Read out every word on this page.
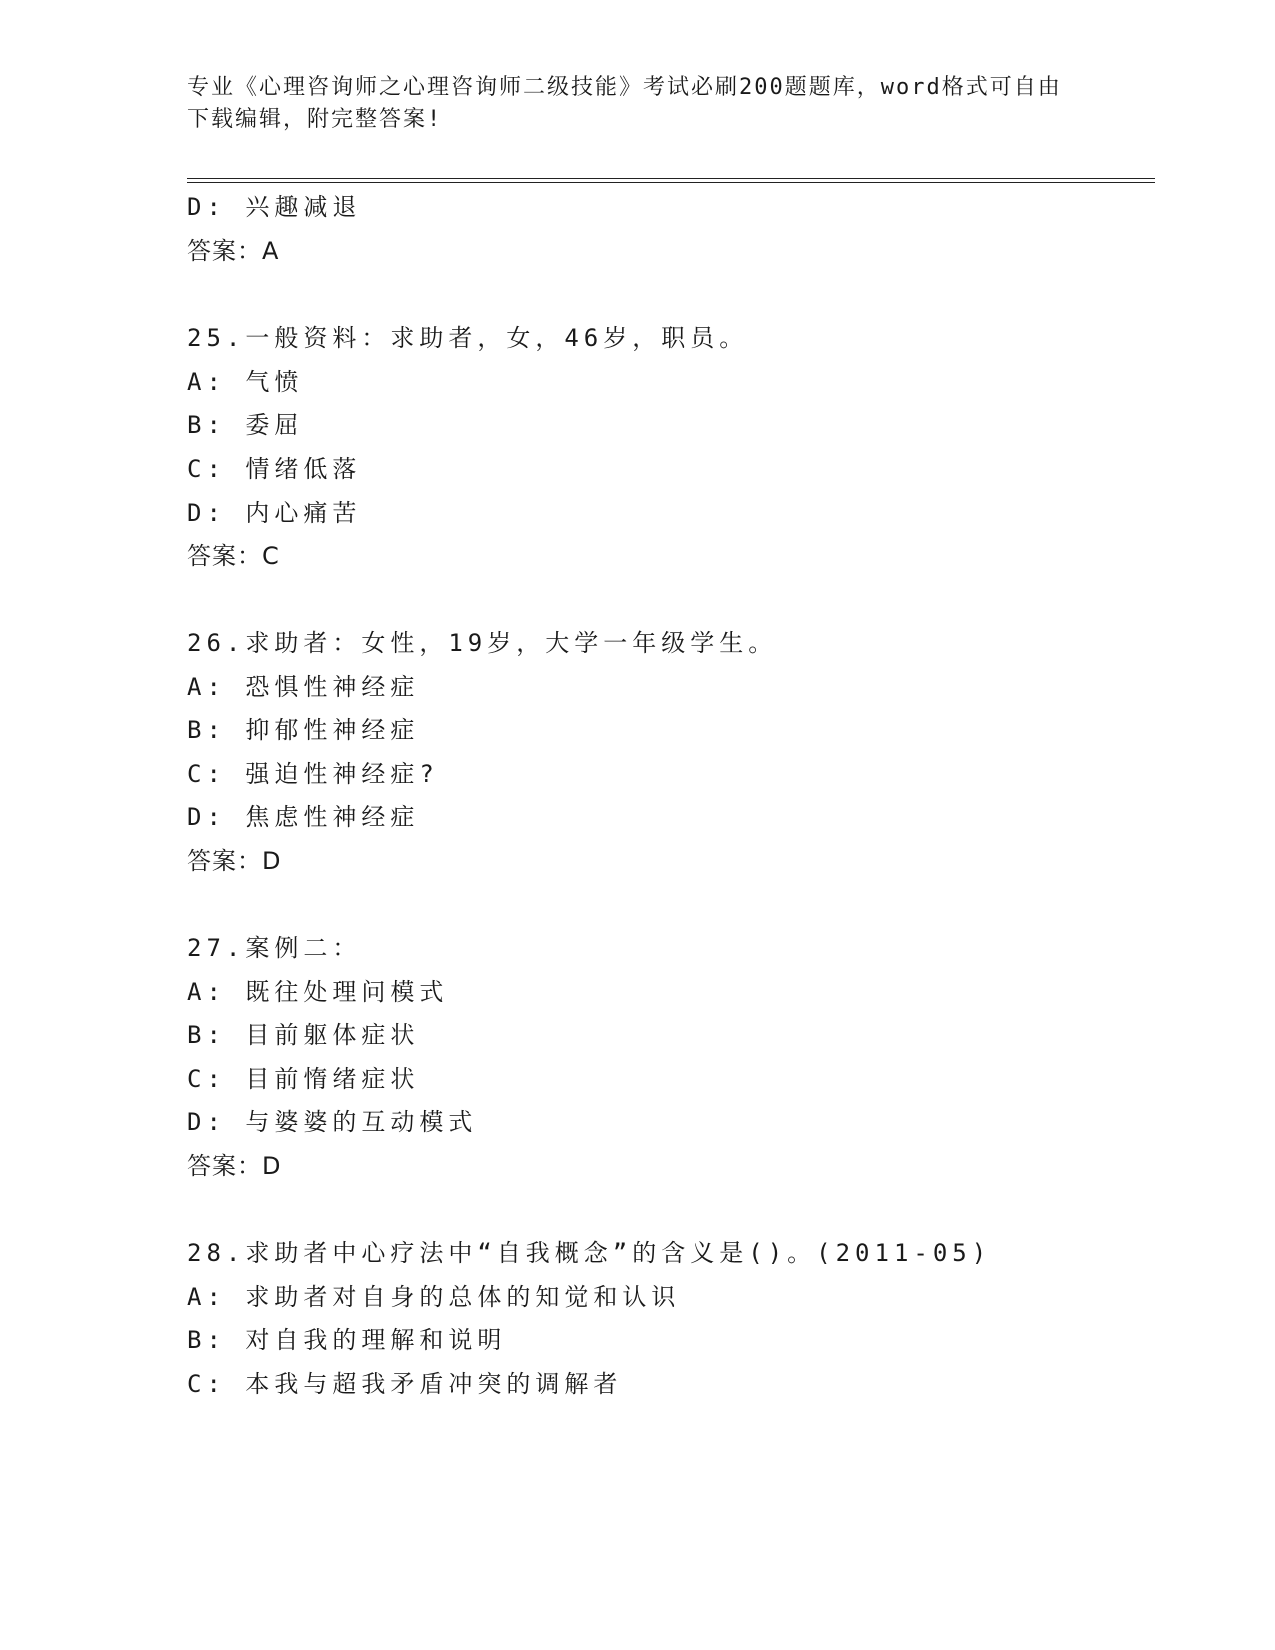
专业《心理咨询师之心理咨询师二级技能》考试必刷200题题库，word格式可自由下载编辑，附完整答案!
D: 兴趣减退
答案：A
25.一般资料：求助者，女，46岁，职员。
A: 气愤
B: 委屈
C: 情绪低落
D: 内心痛苦
答案：C
26.求助者：女性，19岁，大学一年级学生。
A: 恐惧性神经症
B: 抑郁性神经症
C: 强迫性神经症?
D: 焦虑性神经症
答案：D
27.案例二：
A: 既往处理问模式
B: 目前躯体症状
C: 目前惰绪症状
D: 与婆婆的互动模式
答案：D
28.求助者中心疗法中“自我概念”的含义是()。(2011-05)
A: 求助者对自身的总体的知觉和认识
B: 对自我的理解和说明
C: 本我与超我矛盾冲突的调解者
